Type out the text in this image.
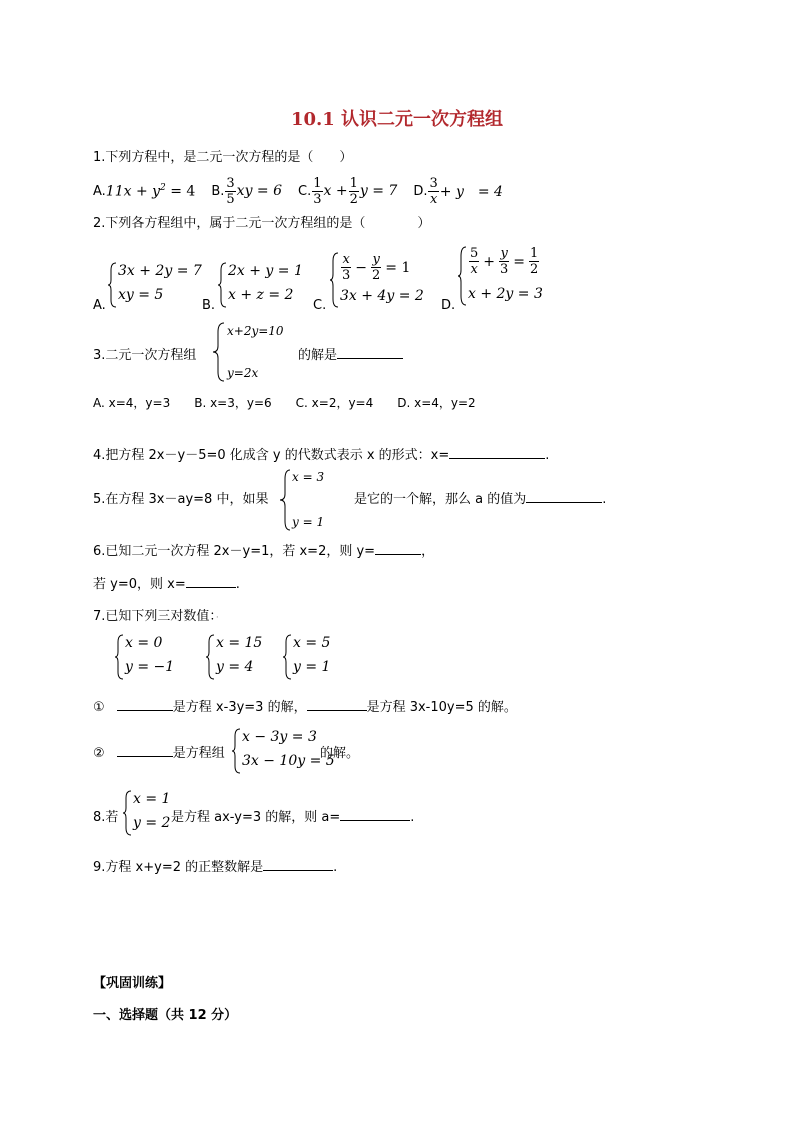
10.1 认识二元一次方程组
1.下列方程中，是二元一次方程的是（　　）
A. $11x + y^2 = 4$ B. $\frac{3}{5}$ xy = 6 C. $\frac{1}{3}$ $x + \frac{1}{2}$ y = 7 D. $\frac{3}{x} + y$　= 4
2.下列各方程组中，属于二元一次方程组的是（　　　　）
A.
3x + 2y = 7
xy = 5
B.
2x + y = 1
x + z = 2
C.
$\frac{x}{3} - \frac{y}{2} = 1$
3x + 4y = 2
D.
$\frac{5}{x} + \frac{y}{3} = \frac{1}{2}$
x + 2y = 3
3.二元一次方程组
x+2y=10
y=2x
的解是
A. x=4，y=3　　B. x=3，y=6　　C. x=2，y=4　　D. x=4，y=2
4.把方程 2x－y－5=0 化成含 y 的代数式表示 x 的形式：x=	.
5.在方程 3x－ay=8 中，如果
x = 3
y = 1
是它的一个解，那么 a 的值为	.
6.已知二元一次方程 2x－y=1，若 x=2，则 y=	，
若 y=0，则 x=	.
7.已知下列三对数值：·
x = 0
y = −1
x = 15
y = 4
x = 5
y = 1
①	是方程 x-3y=3 的解，	是方程 3x-10y=5 的解。
②	是方程组
x − 3y = 3
3x − 10y = 5
的解。
8.若
x = 1
y = 2 是方程 ax-y=3 的解，则 a=	.
9.方程 x+y=2 的正整数解是	.
【巩固训练】
一、选择题（共 12 分）
